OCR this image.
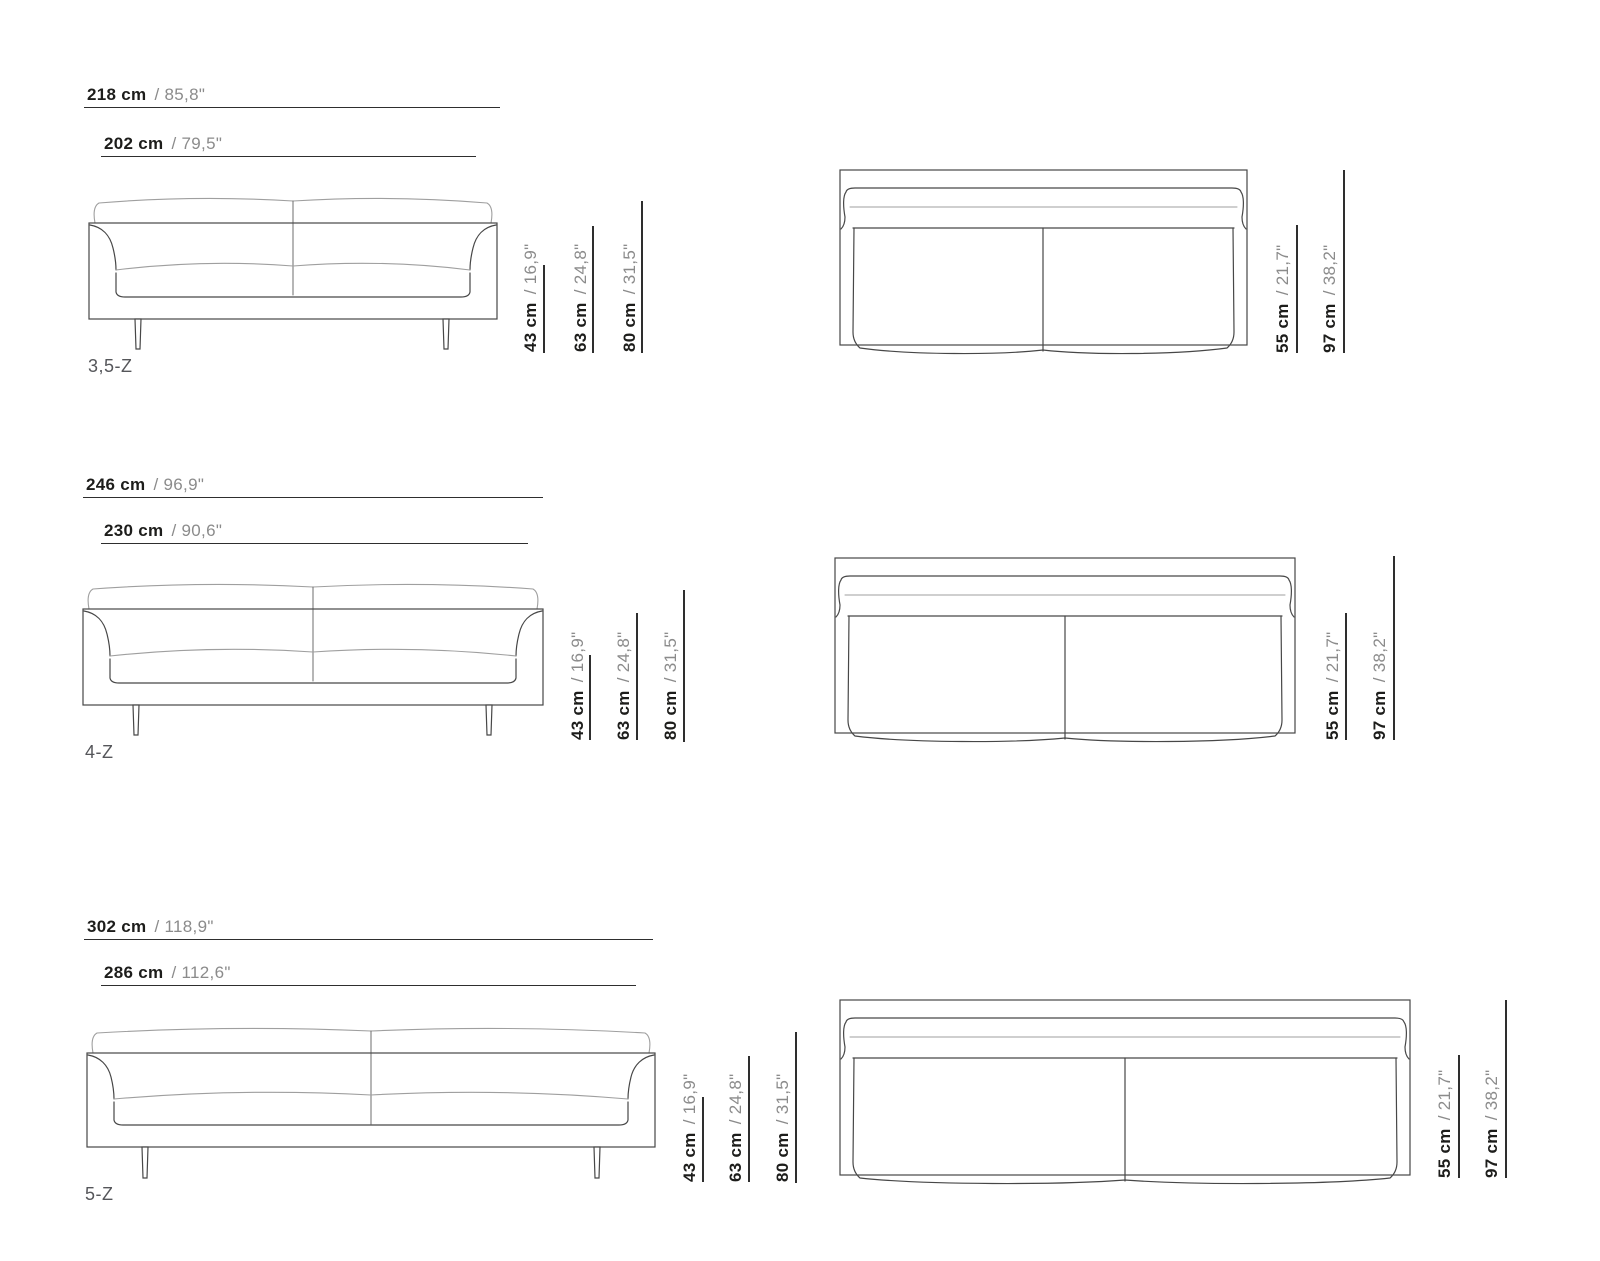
218 cm / 85,8"
202 cm / 79,5"
3,5-Z
43 cm / 16,9"
63 cm / 24,8"
80 cm / 31,5"
55 cm / 21,7"
97 cm / 38,2"
246 cm / 96,9"
230 cm / 90,6"
4-Z
43 cm / 16,9"
63 cm / 24,8"
80 cm / 31,5"
55 cm / 21,7"
97 cm / 38,2"
302 cm / 118,9"
286 cm / 112,6"
5-Z
43 cm / 16,9"
63 cm / 24,8"
80 cm / 31,5"
55 cm / 21,7"
97 cm / 38,2"
